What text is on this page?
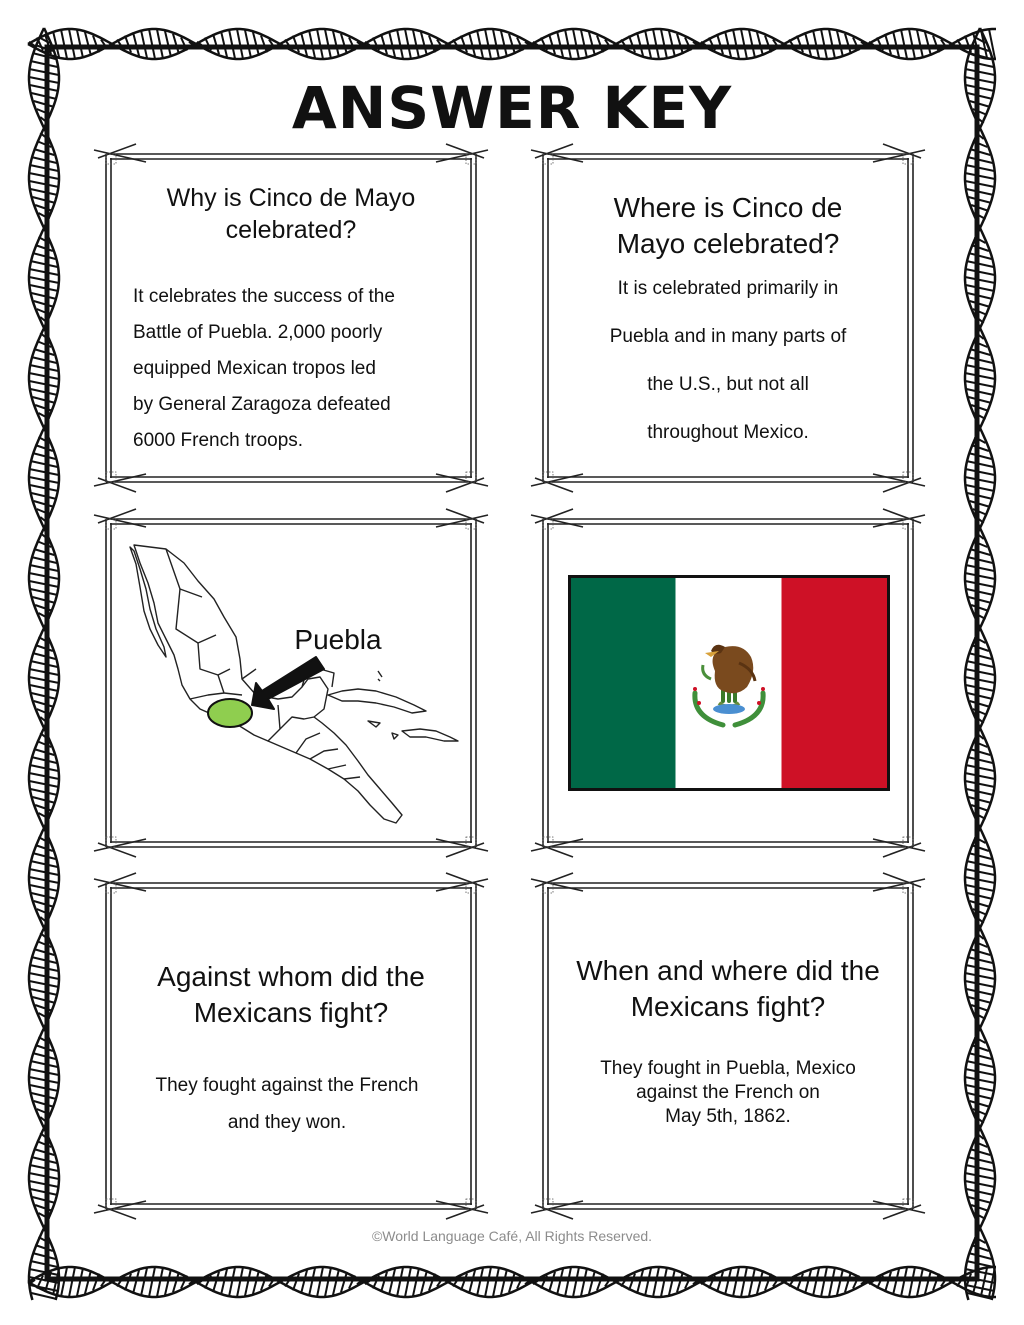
ANSWER KEY
Why is Cinco de Mayo celebrated?
It celebrates the success of the
Battle of Puebla. 2,000 poorly
equipped Mexican tropos led
by General Zaragoza defeated
6000 French troops.
Where is Cinco de Mayo celebrated?
It is celebrated primarily in
Puebla and in many parts of
the U.S., but not all
throughout Mexico.
Puebla
Against whom did the Mexicans fight?
They fought against the French
and they won.
When and where did the Mexicans fight?
They fought in Puebla, Mexico
against the French on
May 5th, 1862.
©World Language Café, All Rights Reserved.
